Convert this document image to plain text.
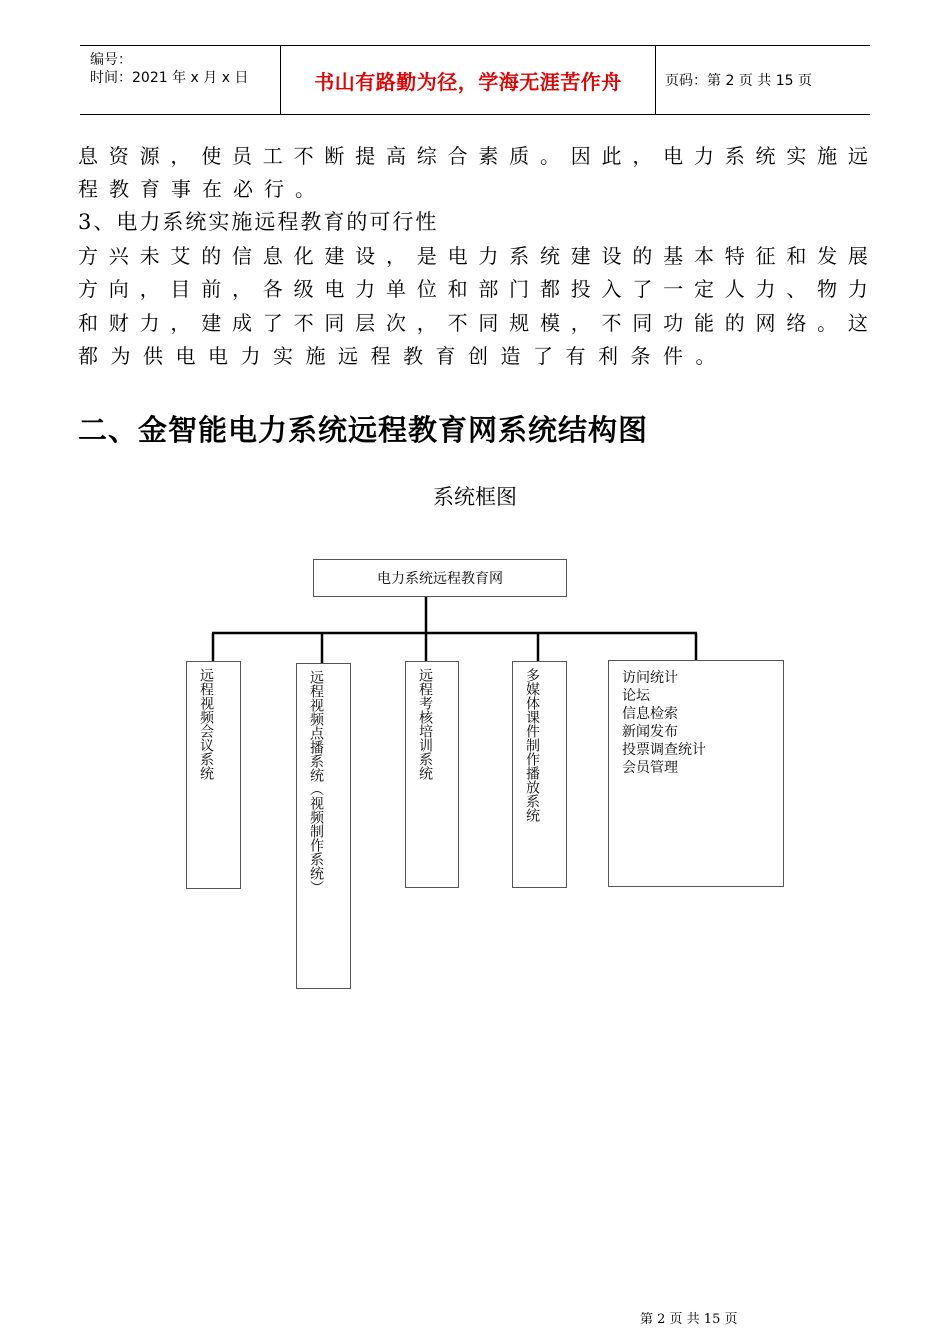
编号：
时间：2021 年 x 月 x 日	书山有路勤为径，学海无涯苦作舟	页码：第 2 页 共 15 页
息 资 源 ， 使 员 工 不 断 提 高 综 合 素 质 。 因 此 ， 电 力 系 统 实 施 远
程教育事在必行。
3、电力系统实施远程教育的可行性
方 兴 未 艾 的 信 息 化 建 设 ， 是 电 力 系 统 建 设 的 基 本 特 征 和 发 展
方 向 ， 目 前 ， 各 级 电 力 单 位 和 部 门 都 投 入 了 一 定 人 力 、 物 力
和 财 力 ， 建 成 了 不 同 层 次 ， 不 同 规 模 ， 不 同 功 能 的 网 络 。 这
都为供电电力实施远程教育创造了有利条件。
二、金智能电力系统远程教育网系统结构图
系统框图
电力系统远程教育网
远程视频会议系统	远程视频点播系统（视频制作系统）	远程考核培训系统	多媒体课件制作播放系统	访问统计
论坛
信息检索
新闻发布
投票调查统计
会员管理
第 2 页 共 15 页
